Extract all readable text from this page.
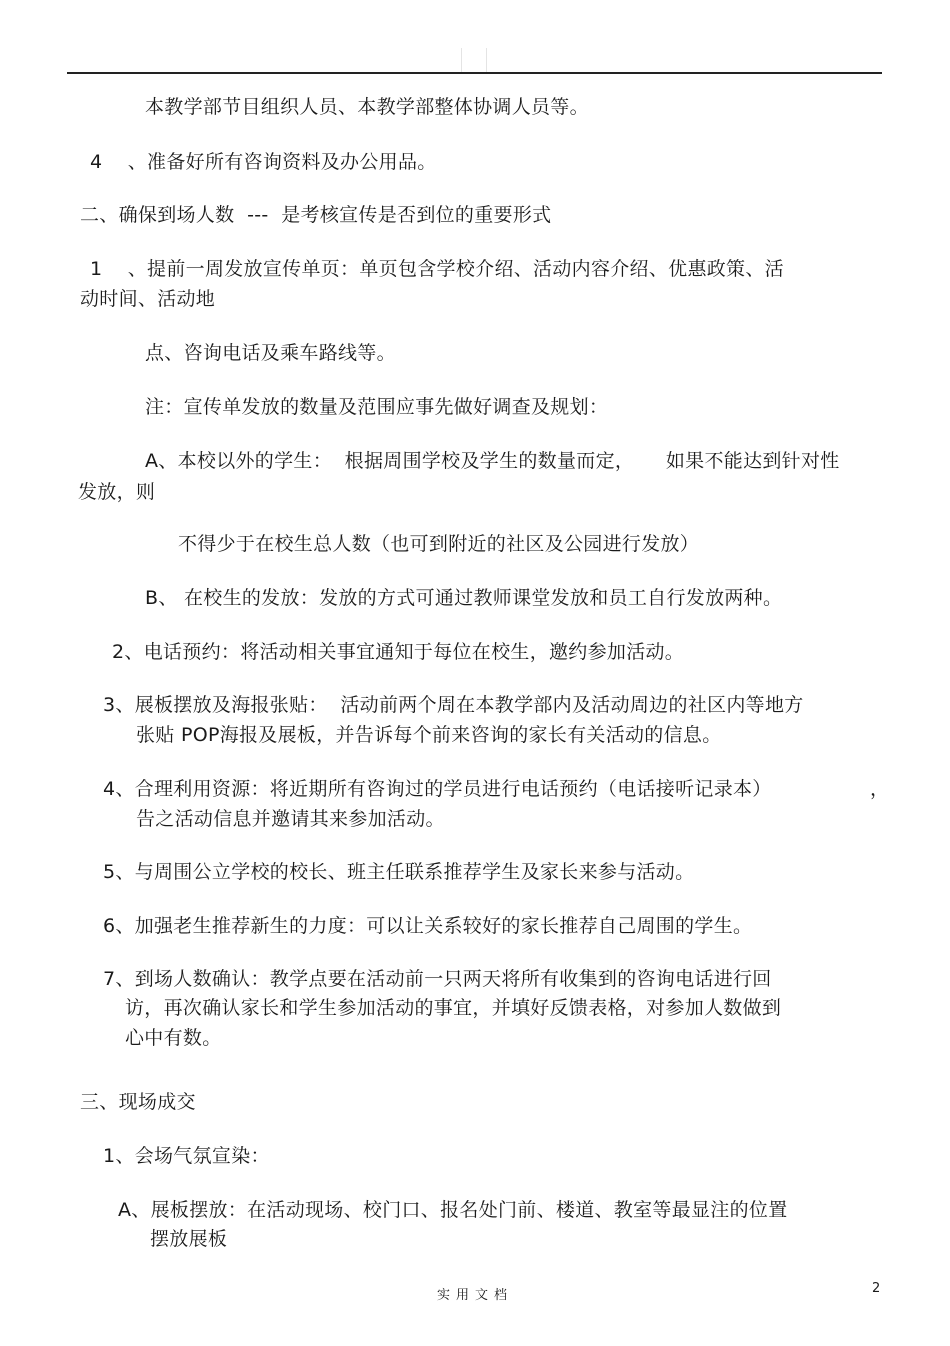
本教学部节目组织人员、本教学部整体协调人员等。
4    、准备好所有咨询资料及办公用品。
二、确保到场人数  ---  是考核宣传是否到位的重要形式
1    、提前一周发放宣传单页：单页包含学校介绍、活动内容介绍、优惠政策、活
动时间、活动地
点、咨询电话及乘车路线等。
注：宣传单发放的数量及范围应事先做好调查及规划：
A、本校以外的学生：  根据周围学校及学生的数量而定，     如果不能达到针对性
发放，则
不得少于在校生总人数（也可到附近的社区及公园进行发放）
B、 在校生的发放：发放的方式可通过教师课堂发放和员工自行发放两种。
2、电话预约：将活动相关事宜通知于每位在校生，邀约参加活动。
3、展板摆放及海报张贴：  活动前两个周在本教学部内及活动周边的社区内等地方
张贴 POP海报及展板，并告诉每个前来咨询的家长有关活动的信息。
4、合理利用资源：将近期所有咨询过的学员进行电话预约（电话接听记录本）	，
告之活动信息并邀请其来参加活动。
5、与周围公立学校的校长、班主任联系推荐学生及家长来参与活动。
6、加强老生推荐新生的力度：可以让关系较好的家长推荐自己周围的学生。
7、到场人数确认：教学点要在活动前一只两天将所有收集到的咨询电话进行回
访，再次确认家长和学生参加活动的事宜，并填好反馈表格，对参加人数做到
心中有数。
三、现场成交
1、会场气氛宣染：
A、展板摆放：在活动现场、校门口、报名处门前、楼道、教室等最显注的位置
摆放展板
实用文档	2
